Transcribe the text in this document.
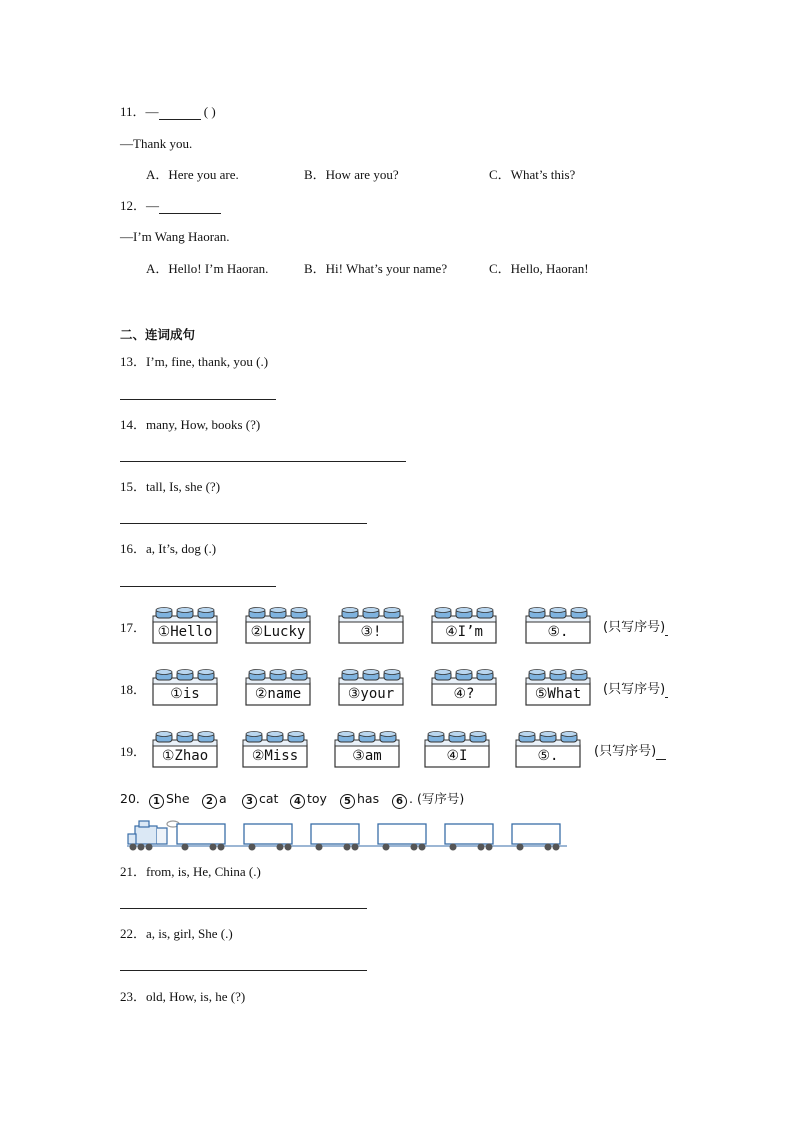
11．—	( )
—Thank you.
A．Here you are.	B．How are you?	C．What’s this?
12．—
—I’m Wang Haoran.
A．Hello! I’m Haoran.	B．Hi! What’s your name?	C．Hello, Haoran!
二、连词成句
13．I’m, fine, thank, you (.)
14．many, How, books (?)
15．tall, Is, she (?)
16．a, It’s, dog (.)
17． ①Hello	②Lucky	③!	④I’m	⑤.	(只写序号)
18．	①is	②name	③your	④?	⑤What	(只写序号)
19．	①Zhao	②Miss	③am	④I	⑤.	(只写序号)
20． 1 She	2 a	3 cat	4 toy	5 has	6 . (写序号)
21．from, is, He, China (.)
22．a, is, girl, She (.)
23．old, How, is, he (?)
